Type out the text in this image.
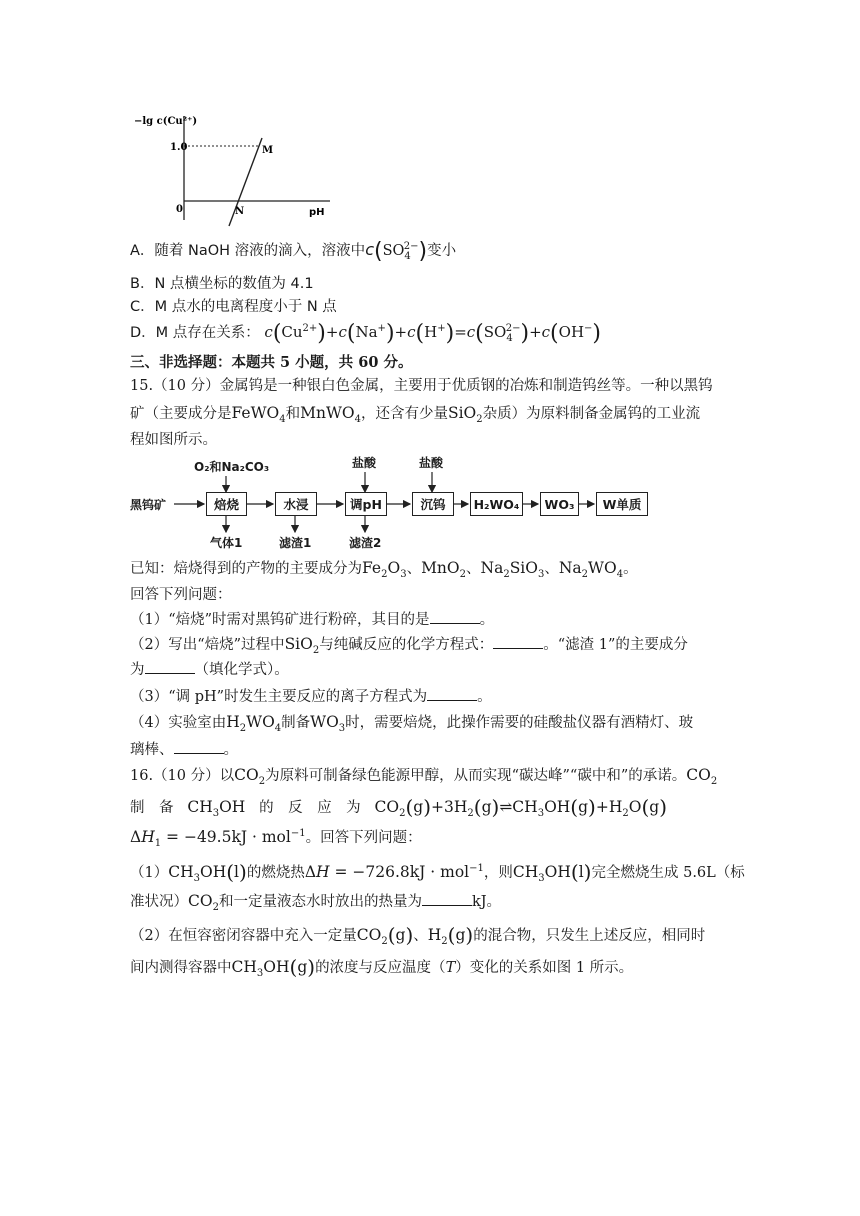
−lg c(Cu²⁺)
1.0
0
M
N	pH
A．随着 NaOH 溶液的滴入，溶液中$c(SO_4^{2-})$变小
B．N 点横坐标的数值为 4.1
C．M 点水的电离程度小于 N 点
D．M 点存在关系： $c(Cu^{2+})+c(Na^+)+c(H^+)=c(SO_4^{2-})+c(OH^-)$
三、非选择题：本题共 5 小题，共 60 分。
15.（10 分）金属钨是一种银白色金属，主要用于优质钢的冶炼和制造钨丝等。一种以黑钨
矿（主要成分是FeWO$_4$和MnWO$_4$，还含有少量SiO$_2$杂质）为原料制备金属钨的工业流
程如图所示。
黑钨矿
O₂和Na₂CO₃	盐酸	盐酸
焙烧	水浸	调pH	沉钨	H₂WO₄	WO₃	W单质
气体1	滤渣1	滤渣2
已知：焙烧得到的产物的主要成分为$Fe_2O_3$、MnO$_2$、$Na_2SiO_3$、$Na_2WO_4$。
回答下列问题：
（1）“焙烧”时需对黑钨矿进行粉碎，其目的是	。
（2）写出“焙烧”过程中SiO$_2$与纯碱反应的化学方程式：	。“滤渣 1”的主要成分
为	（填化学式）。
（3）“调 pH”时发生主要反应的离子方程式为	。
（4）实验室由$H_2WO_4$制备$WO_3$时，需要焙烧，此操作需要的硅酸盐仪器有酒精灯、玻
璃棒、	。
16.（10 分）以$CO_2$为原料可制备绿色能源甲醇，从而实现“碳达峰”“碳中和”的承诺。$CO_2$
制　备 $CH_3OH$ 的　反　应　为 $CO_2(g)+3H_2(g)\rightleftharpoons CH_3OH(g)+H_2O(g)$
$\Delta H_1 = -49.5kJ \cdot mol^{-1}$。回答下列问题：
$(1)CH_3OH(l)$的燃烧热ΔH = −726.8kJ · mol$^{-1}$，则$CH_3OH(l)$完全燃烧生成 5.6L（标
准状况）$CO_2$和一定量液态水时放出的热量为	kJ。
（2）在恒容密闭容器中充入一定量$CO_2(g)$、$H_2(g)$的混合物，只发生上述反应，相同时
间内测得容器中$CH_3OH(g)$的浓度与反应温度（T）变化的关系如图 1 所示。
